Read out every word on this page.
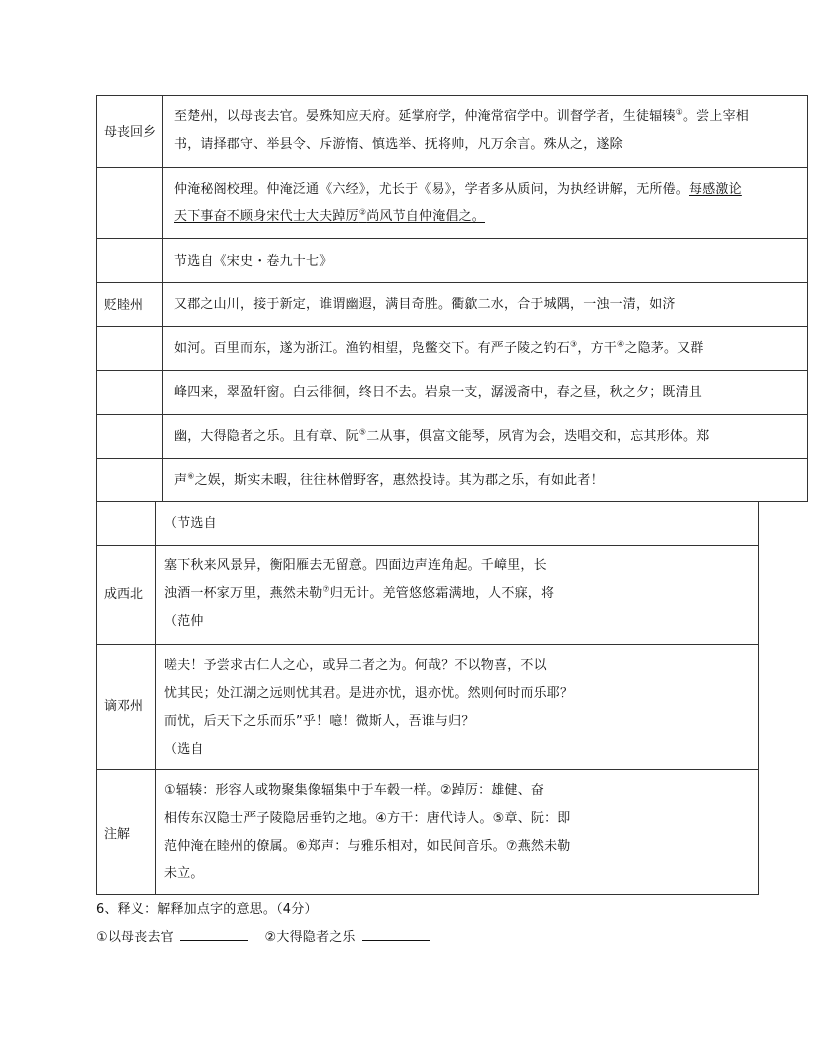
母丧回乡
至楚州，以母丧去官。晏殊知应天府。延掌府学，仲淹常宿学中。训督学者，生徒辐辏①。尝上宰相
书，请择郡守、举县令、斥游惰、慎选举、抚将帅，凡万余言。殊从之，遂除
仲淹秘阁校理。仲淹泛通《六经》，尤长于《易》，学者多从质问，为执经讲解，无所倦。每感激论
天下事奋不顾身宋代士大夫踔厉②尚风节自仲淹倡之。
节选自《宋史・卷九十七》
贬睦州 又郡之山川，接于新定，谁谓幽遐，满目奇胜。衢歙二水，合于城隅，一浊一清，如济
如河。百里而东，遂为浙江。渔钓相望，凫鳖交下。有严子陵之钓石③，方干④之隐茅。又群
峰四来，翠盈轩窗。白云徘徊，终日不去。岩泉一支，潺湲斋中，春之昼，秋之夕；既清且
幽，大得隐者之乐。且有章、阮⑤二从事，俱富文能琴，夙宵为会，迭唱交和，忘其形体。郑
声⑥之娱，斯实未暇，往往林僧野客，惠然投诗。其为郡之乐，有如此者！
（节选自
成西北
塞下秋来风景异，衡阳雁去无留意。四面边声连角起。千嶂里，长
浊酒一杯家万里，燕然未勒⑦归无计。羌管悠悠霜满地，人不寐，将
（范仲
谪邓州
嗟夫！予尝求古仁人之心，或异二者之为。何哉？不以物喜，不以
忧其民；处江湖之远则忧其君。是进亦忧，退亦忧。然则何时而乐耶？
而忧，后天下之乐而乐”乎！噫！微斯人，吾谁与归？
（选自
注解
①辐辏：形容人或物聚集像辐集中于车毂一样。②踔厉：雄健、奋
相传东汉隐士严子陵隐居垂钓之地。④方干：唐代诗人。⑤章、阮：即
范仲淹在睦州的僚属。⑥郑声：与雅乐相对，如民间音乐。⑦燕然未勒
未立。
6、释义：解释加点字的意思。（4分）
①以母丧去官	②大得隐者之乐
